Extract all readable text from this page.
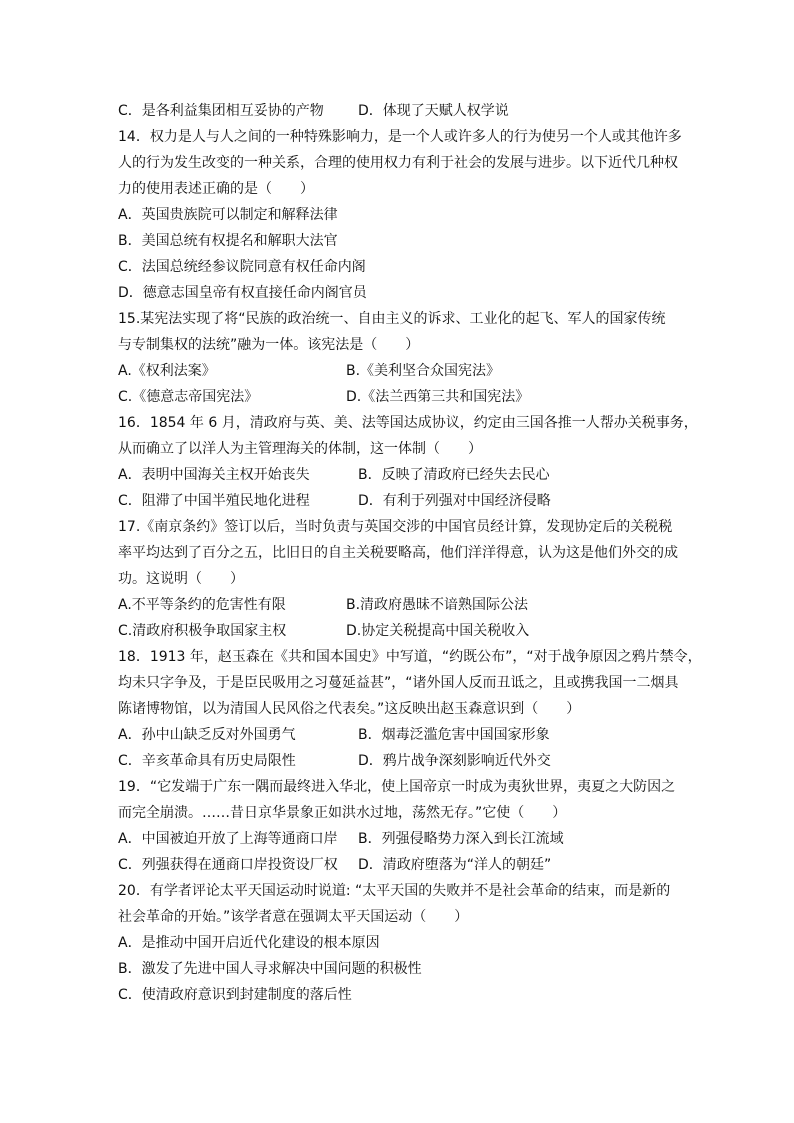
C．是各利益集团相互妥协的产物	D．体现了天赋人权学说
14．权力是人与人之间的一种特殊影响力，是一个人或许多人的行为使另一个人或其他许多
人的行为发生改变的一种关系，合理的使用权力有利于社会的发展与进步。以下近代几种权
力的使用表述正确的是（　　）
A．英国贵族院可以制定和解释法律
B．美国总统有权提名和解职大法官
C．法国总统经参议院同意有权任命内阁
D．德意志国皇帝有权直接任命内阁官员
15.某宪法实现了将“民族的政治统一、自由主义的诉求、工业化的起飞、军人的国家传统
与专制集权的法统”融为一体。该宪法是（　　）
A.《权利法案》	B.《美利坚合众国宪法》
C.《德意志帝国宪法》	D.《法兰西第三共和国宪法》
16．1854 年 6 月，清政府与英、美、法等国达成协议，约定由三国各推一人帮办关税事务，
从而确立了以洋人为主管理海关的体制，这一体制（　　）
A．表明中国海关主权开始丧失	B．反映了清政府已经失去民心
C．阻滞了中国半殖民地化进程	D．有利于列强对中国经济侵略
17.《南京条约》签订以后，当时负责与英国交涉的中国官员经计算，发现协定后的关税税
率平均达到了百分之五，比旧日的自主关税要略高，他们洋洋得意，认为这是他们外交的成
功。这说明（　　）
A.不平等条约的危害性有限	B.清政府愚昧不谙熟国际公法
C.清政府积极争取国家主权	D.协定关税提高中国关税收入
18．1913 年，赵玉森在《共和国本国史》中写道，“约既公布”，“对于战争原因之鸦片禁令，
均未只字争及，于是臣民吸用之习蔓延益甚”，“诸外国人反而丑诋之，且或携我国一二烟具
陈诸博物馆，以为清国人民风俗之代表矣。”这反映出赵玉森意识到（　　）
A．孙中山缺乏反对外国勇气	B．烟毒泛滥危害中国国家形象
C．辛亥革命具有历史局限性	D．鸦片战争深刻影响近代外交
19．“它发端于广东一隅而最终进入华北，使上国帝京一时成为夷狄世界，夷夏之大防因之
而完全崩溃。……昔日京华景象正如洪水过地，荡然无存。”它使（　　）
A．中国被迫开放了上海等通商口岸	B．列强侵略势力深入到长江流域
C．列强获得在通商口岸投资设厂权	D．清政府堕落为“洋人的朝廷”
20．有学者评论太平天国运动时说道: “太平天国的失败并不是社会革命的结束，而是新的
社会革命的开始。”该学者意在强调太平天国运动（　　）
A．是推动中国开启近代化建设的根本原因
B．激发了先进中国人寻求解决中国问题的积极性
C．使清政府意识到封建制度的落后性
